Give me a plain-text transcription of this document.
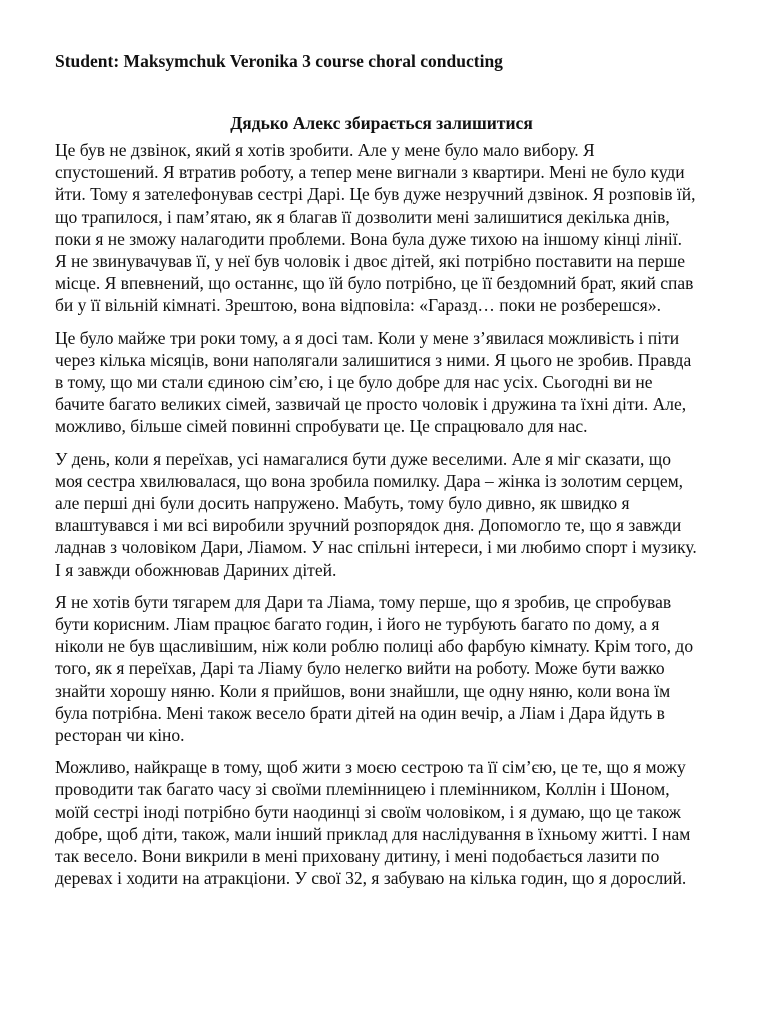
Student: Maksymchuk Veronika 3 course choral conducting

Дядько Алекс збирається залишитися

Це був не дзвінок, який я хотів зробити. Але у мене було мало вибору. Я спустошений. Я втратив роботу, а тепер мене вигнали з квартири. Мені не було куди йти. Тому я зателефонував сестрі Дарі. Це був дуже незручний дзвінок. Я розповів їй, що трапилося, і пам’ятаю, як я благав її дозволити мені залишитися декілька днів, поки я не зможу налагодити проблеми. Вона була дуже тихою на іншому кінці лінії. Я не звинувачував її, у неї був чоловік і двоє дітей, які потрібно поставити на перше місце. Я впевнений, що останнє, що їй було потрібно, це її бездомний брат, який спав би у її вільній кімнаті. Зрештою, вона відповіла: «Гаразд… поки не розберешся».

Це було майже три роки тому, а я досі там. Коли у мене з’явилася можливість і піти через кілька місяців, вони наполягали залишитися з ними. Я цього не зробив. Правда в тому, що ми стали єдиною сім’єю, і це було добре для нас усіх. Сьогодні ви не бачите багато великих сімей, зазвичай це просто чоловік і дружина та їхні діти. Але, можливо, більше сімей повинні спробувати це. Це спрацювало для нас.

У день, коли я переїхав, усі намагалися бути дуже веселими. Але я міг сказати, що моя сестра хвилювалася, що вона зробила помилку. Дара – жінка із золотим серцем, але перші дні були досить напружено. Мабуть, тому було дивно, як швидко я влаштувався і ми всі виробили зручний розпорядок дня. Допомогло те, що я завжди ладнав з чоловіком Дари, Ліамом. У нас спільні інтереси, і ми любимо спорт і музику. І я завжди обожнював Дариних дітей.

Я не хотів бути тягарем для Дари та Ліама, тому перше, що я зробив, це спробував бути корисним. Ліам працює багато годин, і його не турбують багато по дому, а я ніколи не був щасливішим, ніж коли роблю полиці або фарбую кімнату. Крім того, до того, як я переїхав, Дарі та Ліаму було нелегко вийти на роботу. Може бути важко знайти хорошу няню. Коли я прийшов, вони знайшли, ще одну няню, коли вона їм була потрібна. Мені також весело брати дітей на один вечір, а Ліам і Дара йдуть в ресторан чи кіно.

Можливо, найкраще в тому, щоб жити з моєю сестрою та її сім’єю, це те, що я можу проводити так багато часу зі своїми племінницею і племінником, Коллін і Шоном, моїй сестрі іноді потрібно бути наодинці зі своїм чоловіком, і я думаю, що це також добре, щоб діти, також, мали інший приклад для наслідування в їхньому житті. І нам так весело. Вони викрили в мені приховану дитину, і мені подобається лазити по деревах і ходити на атракціони. У свої 32, я забуваю на кілька годин, що я дорослий.
